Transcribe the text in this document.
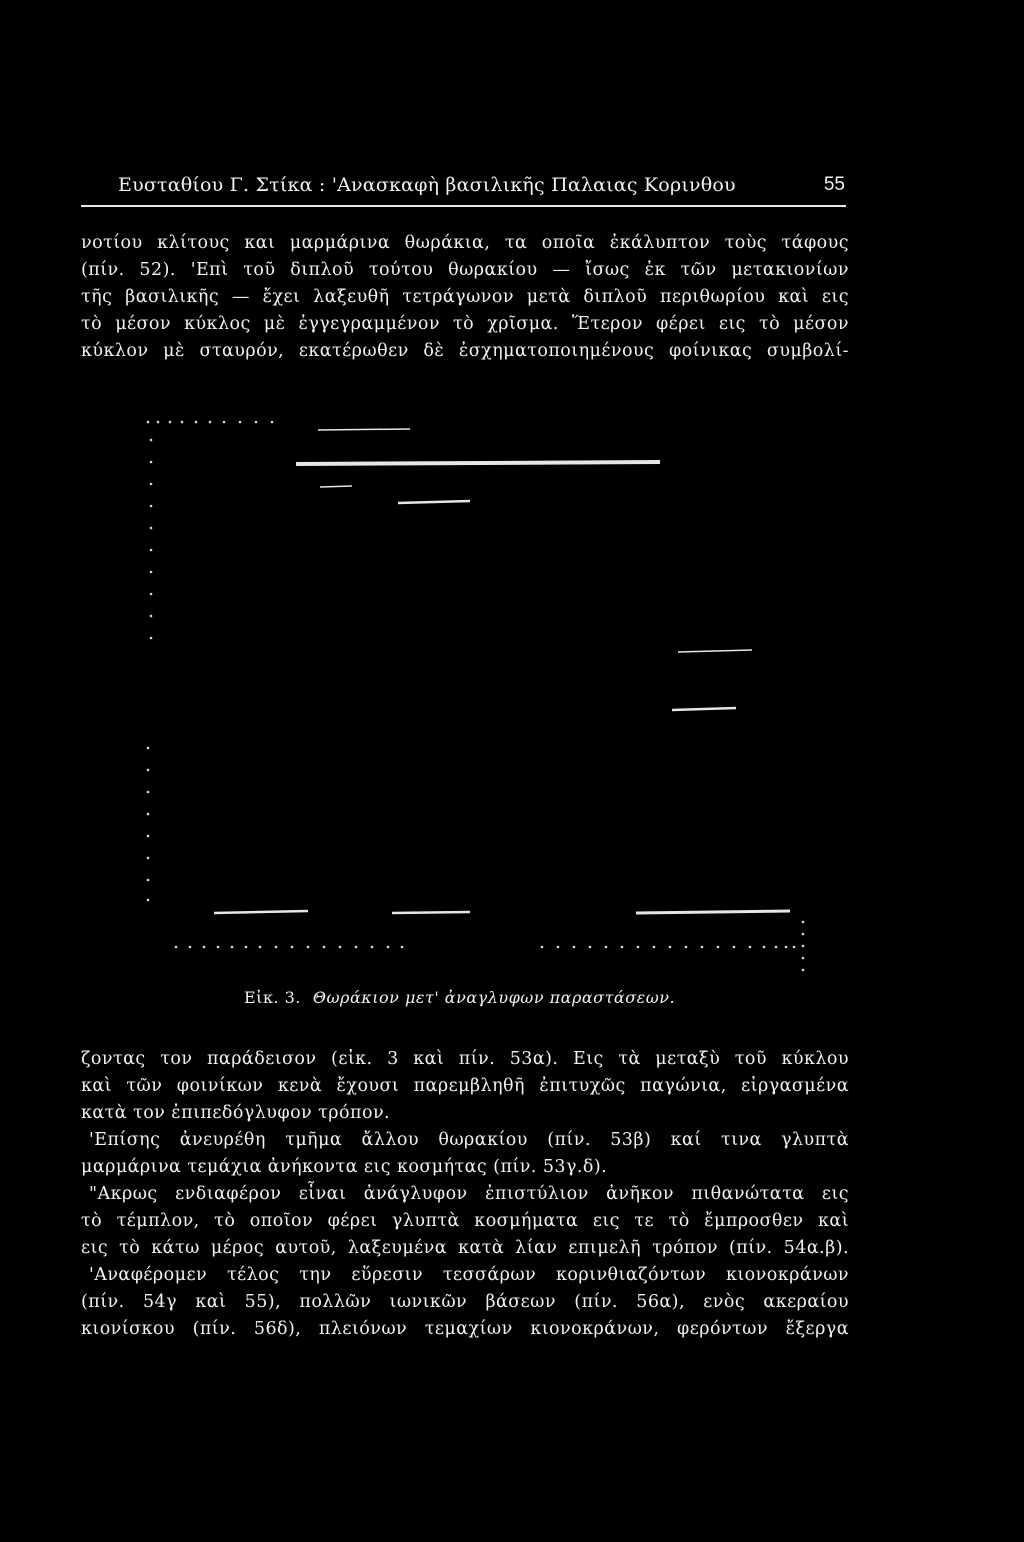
Ευσταθίου Γ. Στίκα : 'Ανασκαφὴ βασιλικῆς Παλαιας Κορινθου	55
νοτίου κλίτους και μαρμάρινα θωράκια, τα οποῖα ἐκάλυπτον τοὺς τάφους
(πίν. 52). 'Επὶ τοῦ διπλοῦ τούτου θωρακίου — ἴσως ἐκ τῶν μετακιονίων
τῆς βασιλικῆς — ἔχει λαξευθῆ τετράγωνον μετὰ διπλοῦ περιθωρίου καὶ εις
τὸ μέσον κύκλος μὲ ἐγγεγραμμένον τὸ χρῖσμα. Ἕτερον φέρει εις τὸ μέσον
κύκλον μὲ σταυρόν, εκατέρωθεν δὲ ἐσχηματοποιημένους φοίνικας συμβολί-
Εἰκ. 3. Θωράκιον μετ' ἀναγλυφων παραστάσεων.
ζοντας τον παράδεισον (εἰκ. 3 καὶ πίν. 53α). Εις τὰ μεταξὺ τοῦ κύκλου
καὶ τῶν φοινίκων κενὰ ἔχουσι παρεμβληθῆ ἐπιτυχῶς παγώνια, εἰργασμένα
κατὰ τον ἐπιπεδόγλυφον τρόπον.
'Επίσης ἀνευρέθη τμῆμα ἄλλου θωρακίου (πίν. 53β) καί τινα γλυπτὰ
μαρμάρινα τεμάχια ἀνήκοντα εις κοσμήτας (πίν. 53γ.δ).
"Ακρως ενδιαφέρον εἶναι ἀνάγλυφον ἐπιστύλιον ἀνῆκον πιθανώτατα εις
τὸ τέμπλον, τὸ οποῖον φέρει γλυπτὰ κοσμήματα εις τε τὸ ἔμπροσθεν καὶ
εις τὸ κάτω μέρος αυτοῦ, λαξευμένα κατὰ λίαν επιμελῆ τρόπον (πίν. 54α.β).
'Αναφέρομεν τέλος την εὕρεσιν τεσσάρων κορινθιαζόντων κιονοκράνων
(πίν. 54γ καὶ 55), πολλῶν ιωνικῶν βάσεων (πίν. 56α), ενὸς ακεραίου
κιονίσκου (πίν. 56δ), πλειόνων τεμαχίων κιονοκράνων, φερόντων ἔξεργα
